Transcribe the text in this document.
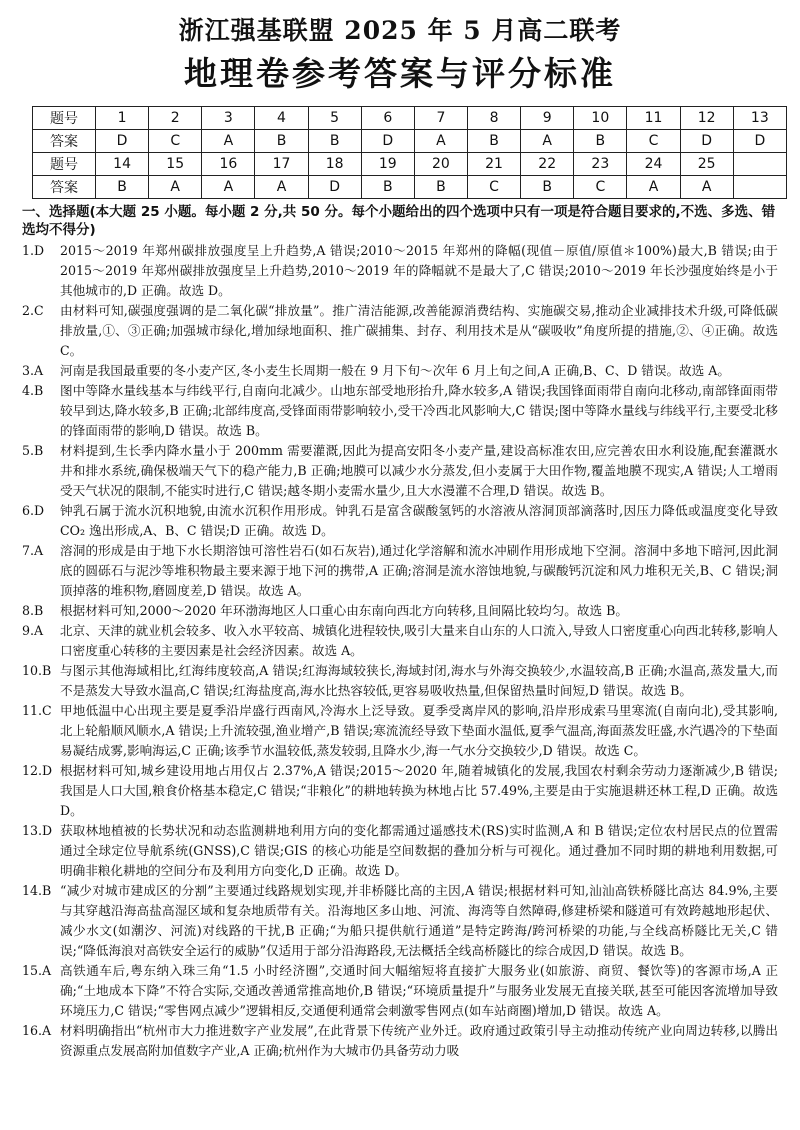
浙江强基联盟 2025 年 5 月高二联考
地理卷参考答案与评分标准
题号	1	2	3	4	5	6	7	8	9	10	11	12	13
答案	D	C	A	B	B	D	A	B	A	B	C	D	D
题号	14	15	16	17	18	19	20	21	22	23	24	25	
答案	B	A	A	A	D	B	B	C	B	C	A	A	
一、选择题(本大题 25 小题。每小题 2 分,共 50 分。每个小题给出的四个选项中只有一项是符合题目要求的,不选、多选、错选均不得分)
1.D	2015～2019 年郑州碳排放强度呈上升趋势,A 错误;2010～2015 年郑州的降幅(现值－原值/原值＊100%)最大,B 错误;由于 2015～2019 年郑州碳排放强度呈上升趋势,2010～2019 年的降幅就不是最大了,C 错误;2010～2019 年长沙强度始终是小于其他城市的,D 正确。故选 D。
2.C	由材料可知,碳强度强调的是二氧化碳“排放量”。推广清洁能源,改善能源消费结构、实施碳交易,推动企业减排技术升级,可降低碳排放量,①、③正确;加强城市绿化,增加绿地面积、推广碳捕集、封存、利用技术是从“碳吸收”角度所提的措施,②、④正确。故选 C。
3.A	河南是我国最重要的冬小麦产区,冬小麦生长周期一般在 9 月下旬～次年 6 月上旬之间,A 正确,B、C、D 错误。故选 A。
4.B	图中等降水量线基本与纬线平行,自南向北减少。山地东部受地形抬升,降水较多,A 错误;我国锋面雨带自南向北移动,南部锋面雨带较早到达,降水较多,B 正确;北部纬度高,受锋面雨带影响较小,受干冷西北风影响大,C 错误;图中等降水量线与纬线平行,主要受北移的锋面雨带的影响,D 错误。故选 B。
5.B	材料提到,生长季内降水量小于 200mm 需要灌溉,因此为提高安阳冬小麦产量,建设高标准农田,应完善农田水利设施,配套灌溉水井和排水系统,确保极端天气下的稳产能力,B 正确;地膜可以减少水分蒸发,但小麦属于大田作物,覆盖地膜不现实,A 错误;人工增雨受天气状况的限制,不能实时进行,C 错误;越冬期小麦需水量少,且大水漫灌不合理,D 错误。故选 B。
6.D	钟乳石属于流水沉积地貌,由流水沉积作用形成。钟乳石是富含碳酸氢钙的水溶液从溶洞顶部滴落时,因压力降低或温度变化导致 CO₂ 逸出形成,A、B、C 错误;D 正确。故选 D。
7.A	溶洞的形成是由于地下水长期溶蚀可溶性岩石(如石灰岩),通过化学溶解和流水冲刷作用形成地下空洞。溶洞中多地下暗河,因此洞底的圆砾石与泥沙等堆积物最主要来源于地下河的携带,A 正确;溶洞是流水溶蚀地貌,与碳酸钙沉淀和风力堆积无关,B、C 错误;洞顶掉落的堆积物,磨圆度差,D 错误。故选 A。
8.B	根据材料可知,2000～2020 年环渤海地区人口重心由东南向西北方向转移,且间隔比较均匀。故选 B。
9.A	北京、天津的就业机会较多、收入水平较高、城镇化进程较快,吸引大量来自山东的人口流入,导致人口密度重心向西北转移,影响人口密度重心转移的主要因素是社会经济因素。故选 A。
10.B 与图示其他海域相比,红海纬度较高,A 错误;红海海域较狭长,海域封闭,海水与外海交换较少,水温较高,B 正确;水温高,蒸发量大,而不是蒸发大导致水温高,C 错误;红海盐度高,海水比热容较低,更容易吸收热量,但保留热量时间短,D 错误。故选 B。
11.C 甲地低温中心出现主要是夏季沿岸盛行西南风,冷海水上泛导致。夏季受离岸风的影响,沿岸形成索马里寒流(自南向北),受其影响,北上轮船顺风顺水,A 错误;上升流较强,渔业增产,B 错误;寒流流经导致下垫面水温低,夏季气温高,海面蒸发旺盛,水汽遇冷的下垫面易凝结成雾,影响海运,C 正确;该季节水温较低,蒸发较弱,且降水少,海一气水分交换较少,D 错误。故选 C。
12.D 根据材料可知,城乡建设用地占用仅占 2.37%,A 错误;2015～2020 年,随着城镇化的发展,我国农村剩余劳动力逐渐减少,B 错误;我国是人口大国,粮食价格基本稳定,C 错误;“非粮化”的耕地转换为林地占比 57.49%,主要是由于实施退耕还林工程,D 正确。故选 D。
13.D 获取林地植被的长势状况和动态监测耕地利用方向的变化都需通过遥感技术(RS)实时监测,A 和 B 错误;定位农村居民点的位置需通过全球定位导航系统(GNSS),C 错误;GIS 的核心功能是空间数据的叠加分析与可视化。通过叠加不同时期的耕地利用数据,可明确非粮化耕地的空间分布及利用方向变化,D 正确。故选 D。
14.B “减少对城市建成区的分割”主要通过线路规划实现,并非桥隧比高的主因,A 错误;根据材料可知,汕汕高铁桥隧比高达 84.9%,主要与其穿越沿海高盐高湿区域和复杂地质带有关。沿海地区多山地、河流、海湾等自然障碍,修建桥梁和隧道可有效跨越地形起伏、减少水文(如潮汐、河流)对线路的干扰,B 正确;“为船只提供航行通道”是特定跨海/跨河桥梁的功能,与全线高桥隧比无关,C 错误;“降低海浪对高铁安全运行的威胁”仅适用于部分沿海路段,无法概括全线高桥隧比的综合成因,D 错误。故选 B。
15.A 高铁通车后,粤东纳入珠三角“1.5 小时经济圈”,交通时间大幅缩短将直接扩大服务业(如旅游、商贸、餐饮等)的客源市场,A 正确;“土地成本下降”不符合实际,交通改善通常推高地价,B 错误;“环境质量提升”与服务业发展无直接关联,甚至可能因客流增加导致环境压力,C 错误;“零售网点减少”逻辑相反,交通便利通常会刺激零售网点(如车站商圈)增加,D 错误。故选 A。
16.A 材料明确指出“杭州市大力推进数字产业发展”,在此背景下传统产业外迁。政府通过政策引导主动推动传统产业向周边转移,以腾出资源重点发展高附加值数字产业,A 正确;杭州作为大城市仍具备劳动力吸
